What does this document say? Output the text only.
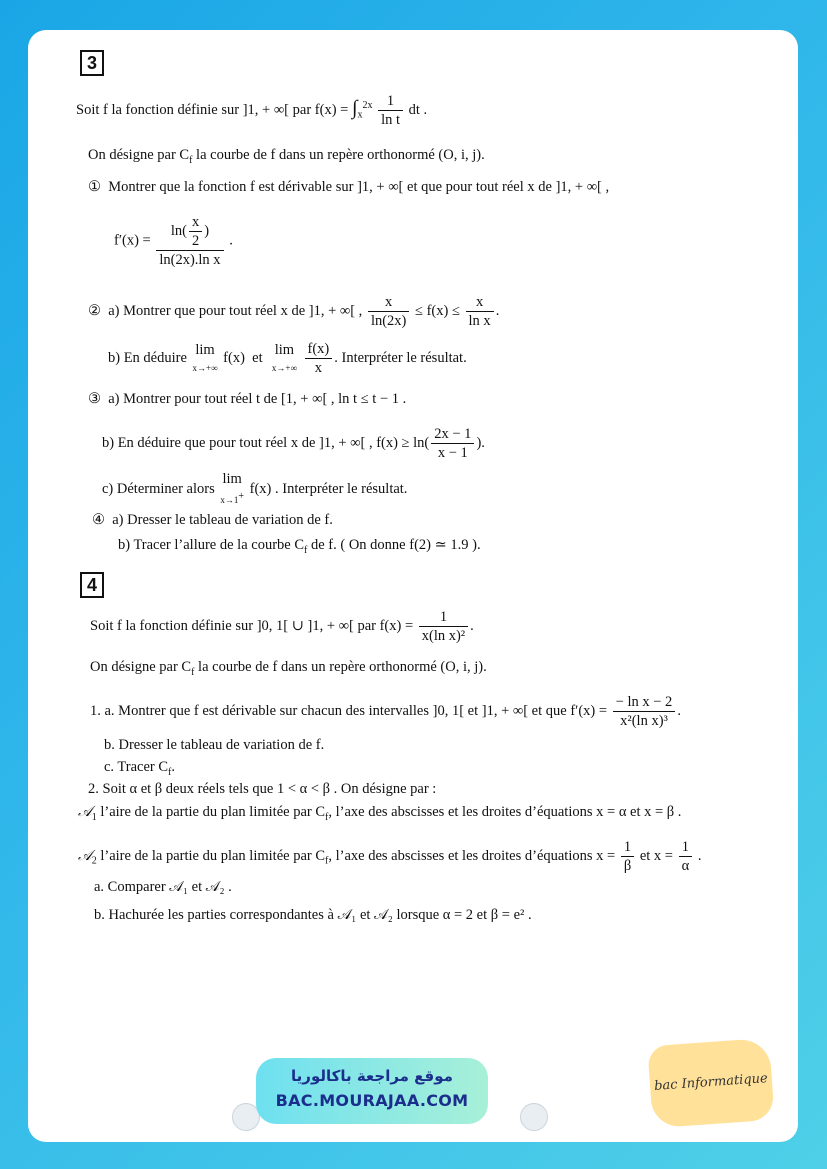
3
Soit f la fonction définie sur ]1, + ∞[ par $f(x) = \int_x^{2x} \frac{1}{\text{ln t}}$ dt .
On désigne par $C_f$ la courbe de f dans un repère orthonormé (O, i, j).
① Montrer que la fonction f est dérivable sur ]1, + ∞[ et que pour tout réel x de ]1, + ∞[ ,
$f'(x) = \frac{\ln( \frac{x}{2} )}{\text{ln(2x).ln x}}$ .
② a) Montrer que pour tout réel x de ]1, + ∞[ , $\frac{x}{\ln(2x)} \le f(x) \le \frac{x}{\text{ln x}}$ .
b) En déduire
lim
x→+∞
f(x) et
lim
x→+∞
$\frac{f(x)}{x}$ . Interpréter le résultat.
③ a) Montrer pour tout réel t de [1, + ∞[ , ln t ≤ t − 1 .
b) En déduire que pour tout réel x de ]1, + ∞[ , $f(x) \ge \ln( \frac{2x - 1}{x - 1}$ ).
c) Déterminer alors
lim
x→1+ f(x) . Interpréter le résultat.
④ a) Dresser le tableau de variation de f.
b) Tracer l’allure de la courbe $C_f$ de f. ( On donne f(2) ≃ 1.9 ).
4
Soit f la fonction définie sur ]0, 1[ ∪ ]1, + ∞[ par $f(x) = \frac{1}{\text{x(ln x)²}}$ .
On désigne par $C_f$ la courbe de f dans un repère orthonormé (O, i, j).
1. a. Montrer que f est dérivable sur chacun des intervalles ]0, 1[ et ]1, + ∞[ et que $f'(x) = \frac{\text{− ln x − 2}}{\text{x²(ln x)³}}$ .
b. Dresser le tableau de variation de f.
c. Tracer $C_f$.
2. Soit α et β deux réels tels que 1 < α < β . On désigne par :
𝒜$_1$ l’aire de la partie du plan limitée par $C_f$, l’axe des abscisses et les droites d’équations x = α et x = β .
𝒜$_2$ l’aire de la partie du plan limitée par $C_f$, l’axe des abscisses et les droites d’équations $x = \frac{1}{\beta}$ et $x = \frac{1}{\alpha}$ .
a. Comparer 𝒜₁ et 𝒜₂ .
b. Hachurée les parties correspondantes à 𝒜₁ et 𝒜₂ lorsque α = 2 et β = e² .
bac Informatique
موقع مراجعة باكالوريا
BAC.MOURAJAA.COM
